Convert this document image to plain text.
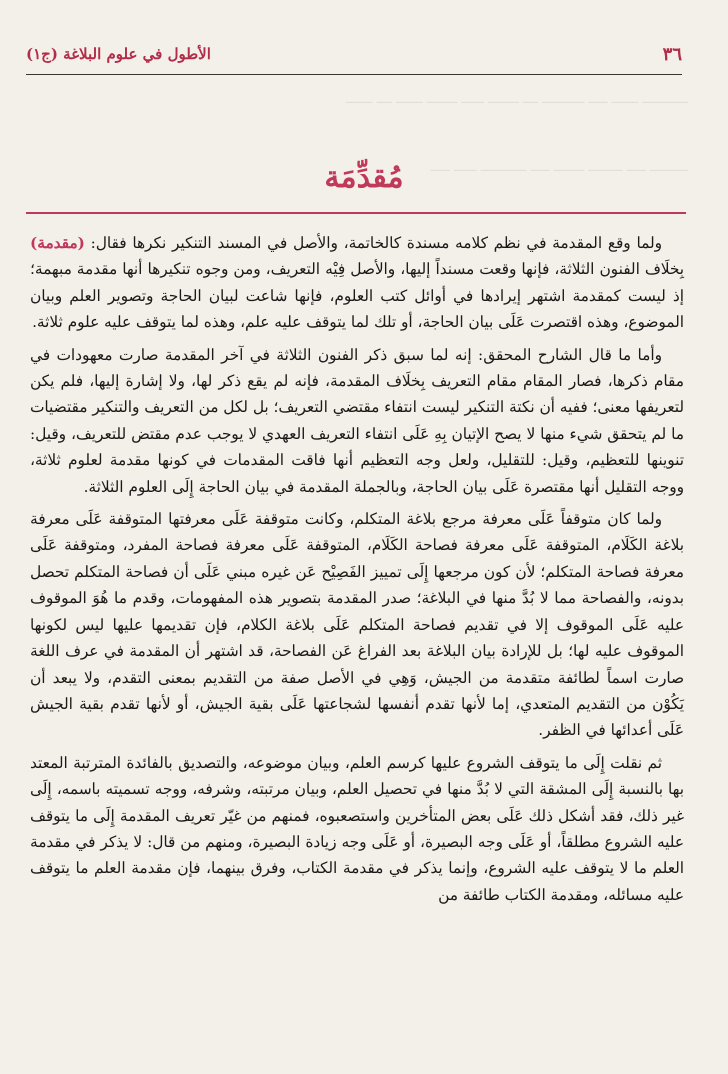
ــــــــــــ ـــــــ ـــــ ـــــــــــ ــــ ــــــــ ــــــ ــــــــ ـــــــ ــــ ـــــــ
ــــــــــ ـــــ ـــــــــ ــــــــ ـــــ ــــــــــــ ــــــ ـــــ
٣٦
الأطول في علوم البلاغة (ج١)
مُقدِّمَة

ولما وقع المقدمة في نظم كلامه مسندة كالخاتمة، والأصل في المسند التنكير نكرها فقال: (مقدمة) بِخلَاف الفنون الثلاثة، فإنها وقعت مسنداً إليها، والأصل فِيْه التعريف، ومن وجوه تنكيرها أنها مقدمة مبهمة؛ إذ ليست كمقدمة اشتهر إيرادها في أوائل كتب العلوم، فإنها شاعت لبيان الحاجة وتصوير العلم وبيان الموضوع، وهذه اقتصرت عَلَى بيان الحاجة، أو تلك لما يتوقف عليه علم، وهذه لما يتوقف عليه علوم ثلاثة.

وأما ما قال الشارح المحقق: إنه لما سبق ذكر الفنون الثلاثة في آخر المقدمة صارت معهودات في مقام ذكرها، فصار المقام مقام التعريف بِخلَاف المقدمة، فإنه لم يقع ذكر لها، ولا إشارة إليها، فلم يكن لتعريفها معنى؛ ففيه أن نكتة التنكير ليست انتفاء مقتضي التعريف؛ بل لكل من التعريف والتنكير مقتضيات ما لم يتحقق شيء منها لا يصح الإتيان بِهِ عَلَى انتفاء التعريف العهدي لا يوجب عدم مقتض للتعريف، وقيل: تنوينها للتعظيم، وقيل: للتقليل، ولعل وجه التعظيم أنها فاقت المقدمات في كونها مقدمة لعلوم ثلاثة، ووجه التقليل أنها مقتصرة عَلَى بيان الحاجة، وبالجملة المقدمة في بيان الحاجة إِلَى العلوم الثلاثة.

ولما كان متوقفاً عَلَى معرفة مرجع بلاغة المتكلم، وكانت متوقفة عَلَى معرفتها المتوقفة عَلَى معرفة بلاغة الكَلَام، المتوقفة عَلَى معرفة فصاحة الكَلَام، المتوقفة عَلَى معرفة فصاحة المفرد، ومتوقفة عَلَى معرفة فصاحة المتكلم؛ لأن كون مرجعها إِلَى تمييز الفَصِيْح عَن غيره مبني عَلَى أن فصاحة المتكلم تحصل بدونه، والفصاحة مما لا بُدَّ منها في البلاغة؛ صدر المقدمة بتصوير هذه المفهومات، وقدم ما هُوَ الموقوف عليه عَلَى الموقوف إلا في تقديم فصاحة المتكلم عَلَى بلاغة الكلام، فإن تقديمها عليها ليس لكونها الموقوف عليه لها؛ بل للإرادة بيان البلاغة بعد الفراغ عَن الفصاحة، قد اشتهر أن المقدمة في عرف اللغة صارت اسماً لطائفة متقدمة من الجيش، وَهِي في الأصل صفة من التقديم بمعنى التقدم، ولا يبعد أن يَكُوْن من التقديم المتعدي، إما لأنها تقدم أنفسها لشجاعتها عَلَى بقية الجيش، أو لأنها تقدم بقية الجيش عَلَى أعدائها في الظفر.

ثم نقلت إِلَى ما يتوقف الشروع عليها كرسم العلم، وبيان موضوعه، والتصديق بالفائدة المترتبة المعتد بها بالنسبة إِلَى المشقة التي لا بُدَّ منها في تحصيل العلم، وبيان مرتبته، وشرفه، ووجه تسميته باسمه، إِلَى غير ذلك، فقد أشكل ذلك عَلَى بعض المتأخرين واستصعبوه، فمنهم من غيّر تعريف المقدمة إِلَى ما يتوقف عليه الشروع مطلقاً، أو عَلَى وجه البصيرة، أو عَلَى وجه زيادة البصيرة، ومنهم من قال: لا يذكر في مقدمة العلم ما لا يتوقف عليه الشروع، وإنما يذكر في مقدمة الكتاب، وفرق بينهما، فإن مقدمة العلم ما يتوقف عليه مسائله، ومقدمة الكتاب طائفة من
